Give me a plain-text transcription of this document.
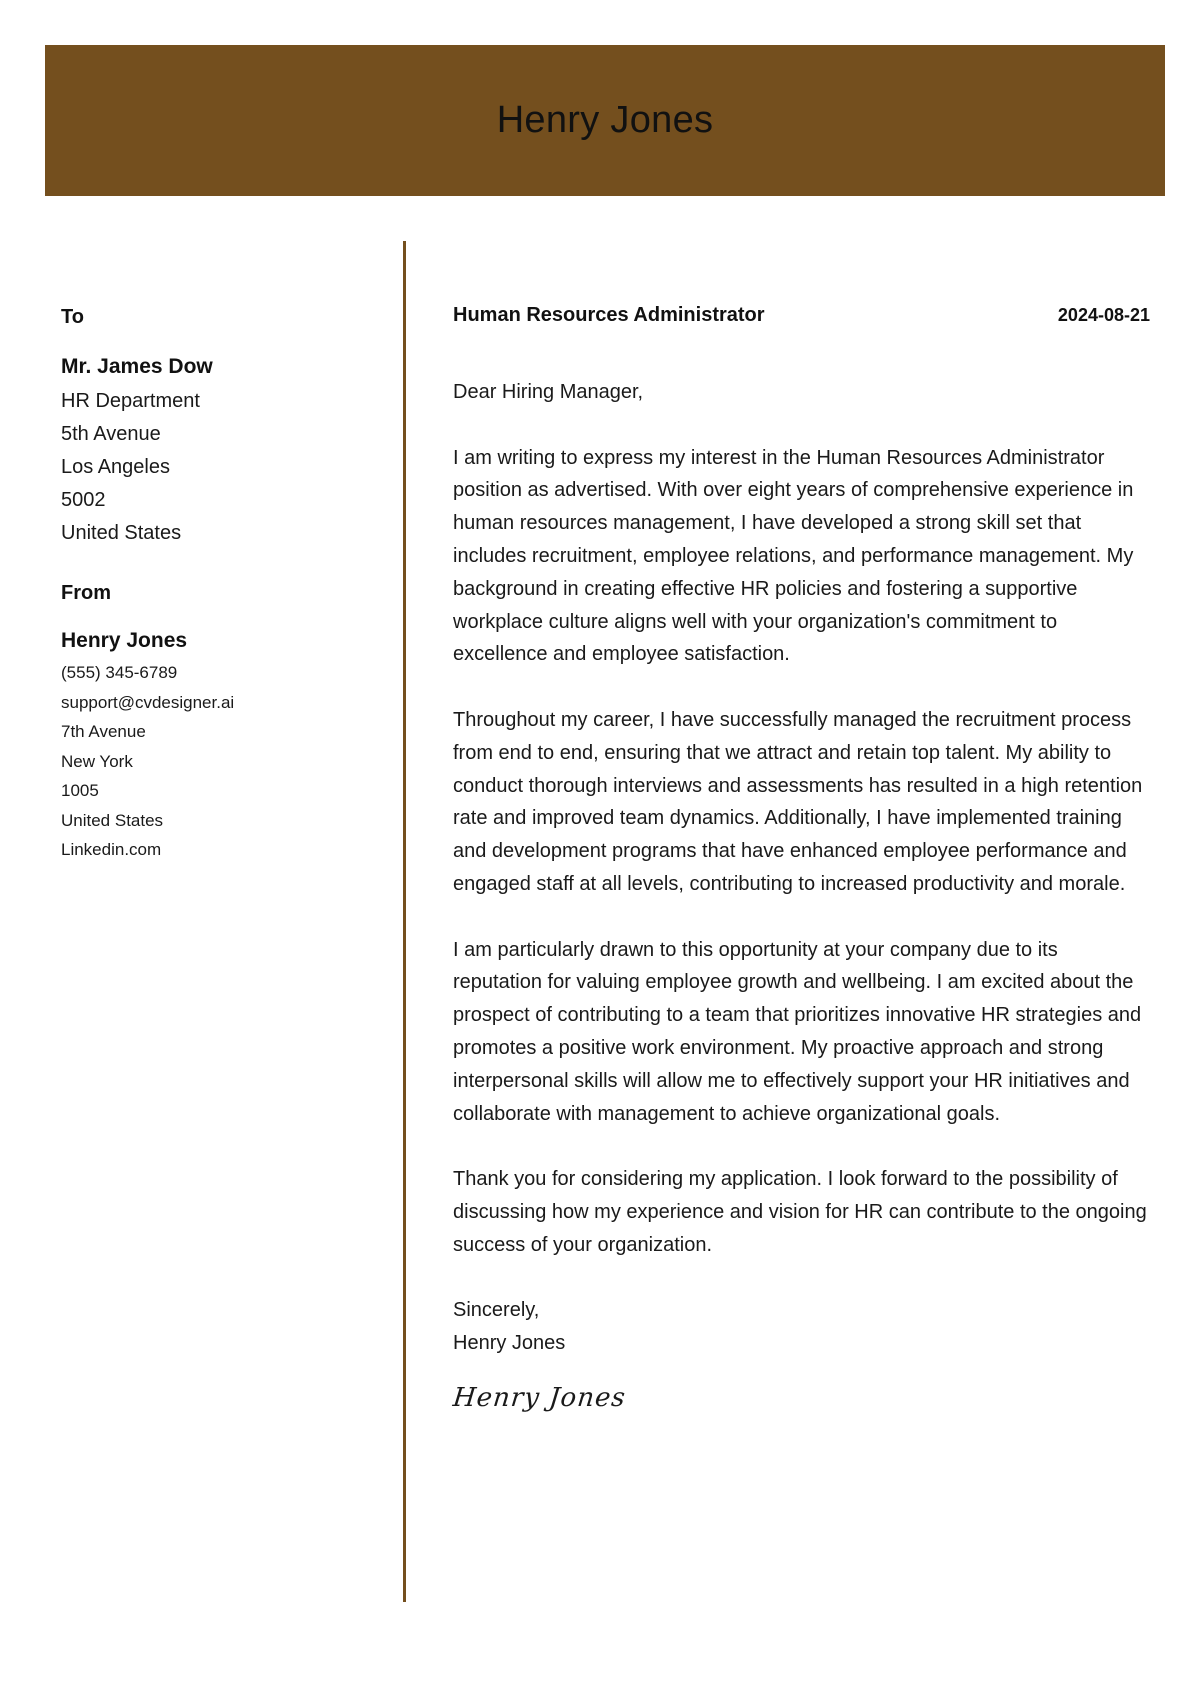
Henry Jones
To
Mr. James Dow
HR Department
5th Avenue
Los Angeles
5002
United States
From
Henry Jones
(555) 345-6789
support@cvdesigner.ai
7th Avenue
New York
1005
United States
Linkedin.com
Human Resources Administrator	2024-08-21

Dear Hiring Manager,

I am writing to express my interest in the Human Resources Administrator position as advertised. With over eight years of comprehensive experience in human resources management, I have developed a strong skill set that includes recruitment, employee relations, and performance management. My background in creating effective HR policies and fostering a supportive workplace culture aligns well with your organization's commitment to excellence and employee satisfaction.

Throughout my career, I have successfully managed the recruitment process from end to end, ensuring that we attract and retain top talent. My ability to conduct thorough interviews and assessments has resulted in a high retention rate and improved team dynamics. Additionally, I have implemented training and development programs that have enhanced employee performance and engaged staff at all levels, contributing to increased productivity and morale.

I am particularly drawn to this opportunity at your company due to its reputation for valuing employee growth and wellbeing. I am excited about the prospect of contributing to a team that prioritizes innovative HR strategies and promotes a positive work environment. My proactive approach and strong interpersonal skills will allow me to effectively support your HR initiatives and collaborate with management to achieve organizational goals.

Thank you for considering my application. I look forward to the possibility of discussing how my experience and vision for HR can contribute to the ongoing success of your organization.

Sincerely,
Henry Jones
Henry Jones
